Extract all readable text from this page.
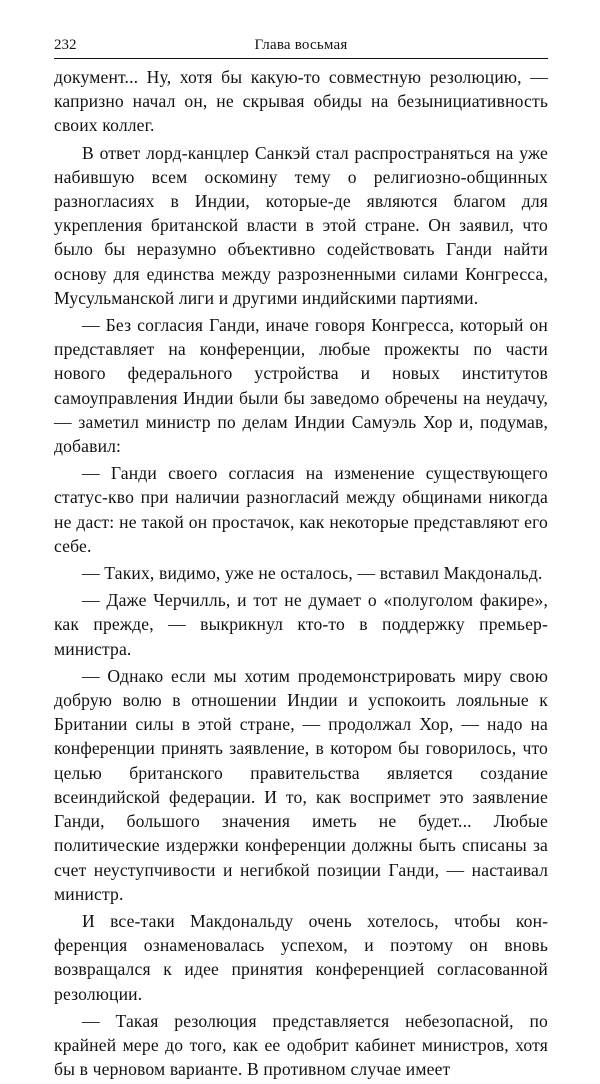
232	Глава восьмая

документ... Ну, хотя бы какую-то совместную резолюцию, — капризно начал он, не скрывая обиды на безынициативность своих коллег.

В ответ лорд-канцлер Санкэй стал распространяться на уже набившую всем оскомину тему о религиозно-общинных разногласиях в Индии, которые-де являются благом для укрепления британской власти в этой стране. Он заявил, что было бы неразумно объективно содействовать Ганди найти основу для единства между разрозненными силами Конгресса, Мусульманской лиги и другими индийскими партиями.

— Без согласия Ганди, иначе говоря Конгресса, который он представляет на конференции, любые прожекты по части нового федерального устройства и новых институтов самоуправления Индии были бы заведомо обречены на неудачу, — заметил министр по делам Индии Самуэль Хор и, подумав, добавил:

— Ганди своего согласия на изменение существующего статус-кво при наличии разногласий между общинами никогда не даст: не такой он простачок, как некоторые представляют его себе.

— Таких, видимо, уже не осталось, — вставил Макдональд.

— Даже Черчилль, и тот не думает о «полуголом факире», как прежде, — выкрикнул кто-то в поддержку премьер-министра.

— Однако если мы хотим продемонстрировать миру свою добрую волю в отношении Индии и успокоить лояльные к Британии силы в этой стране, — продолжал Хор, — надо на конференции принять заявление, в котором бы говорилось, что целью британского правительства является создание всеиндийской федерации. И то, как воспримет это заявление Ганди, большого значения иметь не будет... Любые политические издержки конференции должны быть списаны за счет неуступчивости и негибкой позиции Ганди, — настаивал министр.

И все-таки Макдональду очень хотелось, чтобы конференция ознаменовалась успехом, и поэтому он вновь возвращался к идее принятия конференцией согласованной резолюции.

— Такая резолюция представляется небезопасной, по крайней мере до того, как ее одобрит кабинет министров, хотя бы в черновом варианте. В противном случае имеет
